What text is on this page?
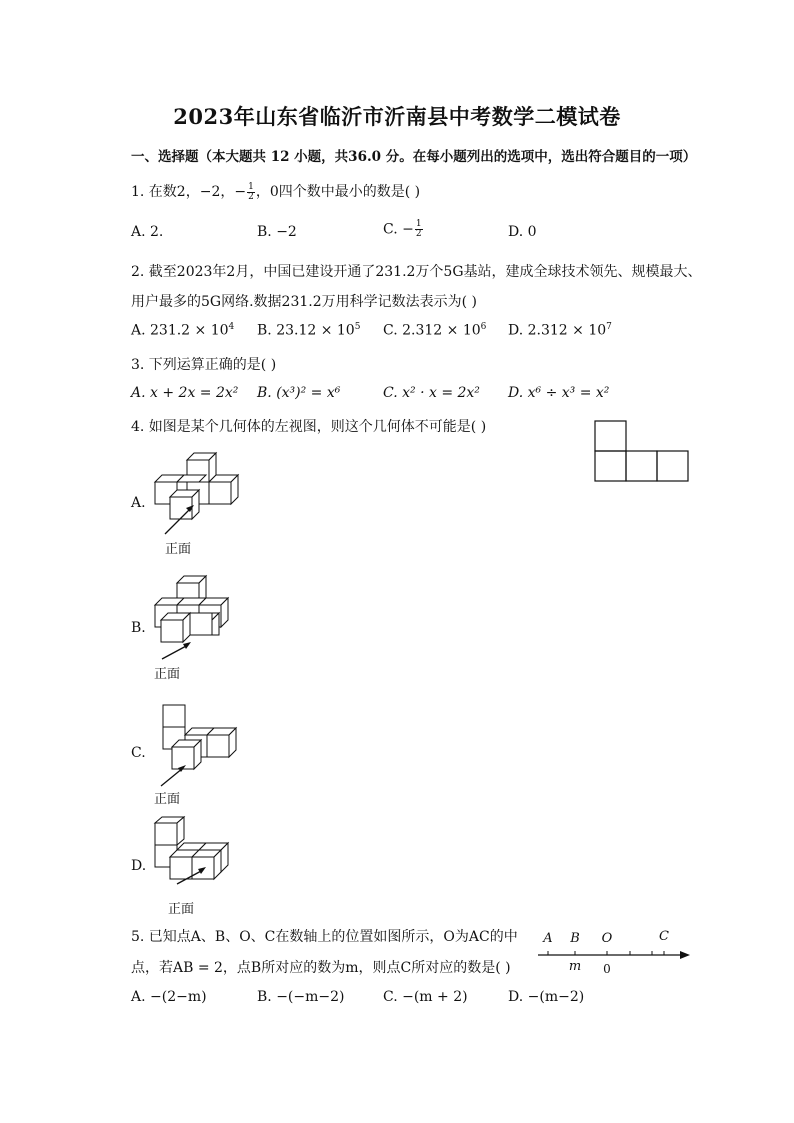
2023年山东省临沂市沂南县中考数学二模试卷
一、选择题（本大题共 12 小题，共36.0 分。在每小题列出的选项中，选出符合题目的一项）
1. 在数2，−2，− $\frac{1}{2}$ ，0四个数中最小的数是( )
A. 2.	B. −2	C. − $\frac{1}{2}$	D. 0
2. 截至2023年2月，中国已建设开通了231.2万个5G基站，建成全球技术领先、规模最大、
用户最多的5G网络.数据231.2万用科学记数法表示为( )
A. $231.2 \times 10^4$ B. $23.12 \times 10^5$ C. $2.312 \times 10^6$ D. $2.312 \times 10^7$
3. 下列运算正确的是( )
A. x + 2x = 2x² B. (x³)² = x⁶	C. x² · x = 2x² D. x⁶ ÷ x³ = x²
4. 如图是某个几何体的左视图，则这个几何体不可能是( )
A.
正面
B.
正面
C.
正面
D.
正面
5. 已知点A、B、O、C在数轴上的位置如图所示，O为AC的中
点，若AB = 2，点B所对应的数为m，则点C所对应的数是( )
A. −(2−m)	B. −(−m−2)	C. −(m + 2)	D. −(m−2)
A B O	C
m 0
